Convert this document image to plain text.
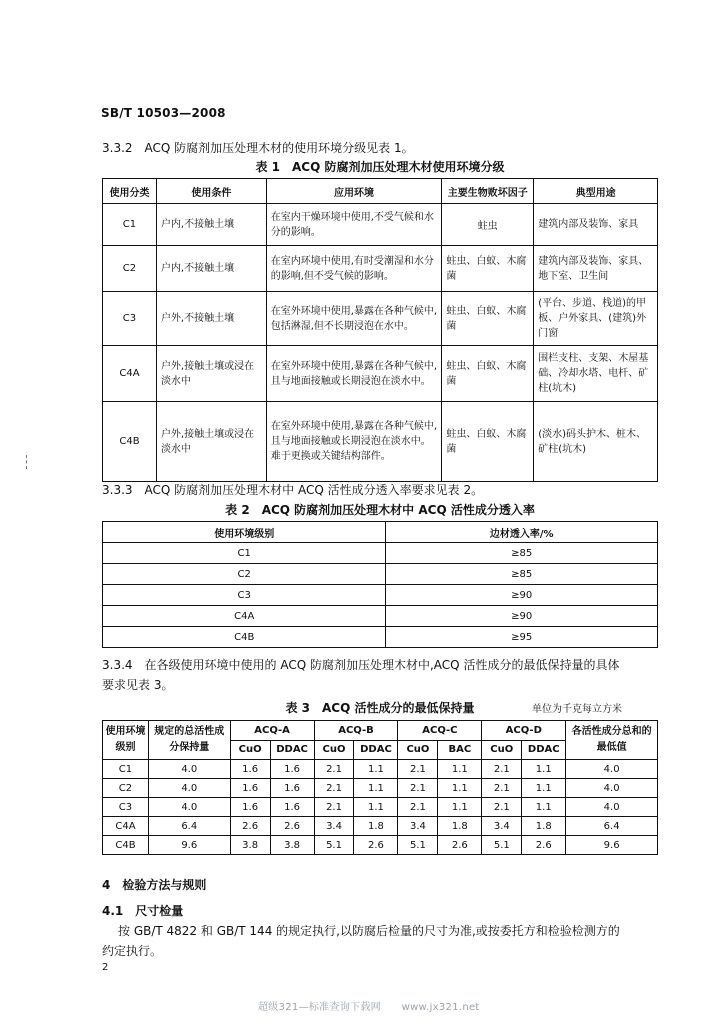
SB/T 10503—2008
3.3.2　ACQ 防腐剂加压处理木材的使用环境分级见表 1。
表 1　ACQ 防腐剂加压处理木材使用环境分级
使用分类	使用条件	应用环境	主要生物败坏因子	典型用途
C1	户内,不接触土壤	在室内干燥环境中使用,不受气候和水分的影响。	蛀虫	建筑内部及装饰、家具
C2	户内,不接触土壤	在室内环境中使用,有时受潮湿和水分的影响,但不受气候的影响。	蛀虫、白蚁、木腐菌	建筑内部及装饰、家具、地下室、卫生间
C3	户外,不接触土壤	在室外环境中使用,暴露在各种气候中,包括淋湿,但不长期浸泡在水中。	蛀虫、白蚁、木腐菌	(平台、步道、栈道)的甲板、户外家具、(建筑)外门窗
C4A	户外,接触土壤或浸在淡水中	在室外环境中使用,暴露在各种气候中,且与地面接触或长期浸泡在淡水中。	蛀虫、白蚁、木腐菌	围栏支柱、支架、木屋基础、冷却水塔、电杆、矿柱(坑木)
C4B	户外,接触土壤或浸在淡水中	在室外环境中使用,暴露在各种气候中,且与地面接触或长期浸泡在淡水中。难于更换或关键结构部件。	蛀虫、白蚁、木腐菌	(淡水)码头护木、桩木、矿柱(坑木)
3.3.3　ACQ 防腐剂加压处理木材中 ACQ 活性成分透入率要求见表 2。
表 2　ACQ 防腐剂加压处理木材中 ACQ 活性成分透入率
使用环境级别	边材透入率/%
C1	≥85
C2	≥85
C3	≥90
C4A	≥90
C4B	≥95
3.3.4　在各级使用环境中使用的 ACQ 防腐剂加压处理木材中,ACQ 活性成分的最低保持量的具体
要求见表 3。
表 3　ACQ 活性成分的最低保持量	单位为千克每立方米
使用环境级别	规定的总活性成分保持量	ACQ-A		ACQ-B		ACQ-C		ACQ-D		各活性成分总和的最低值
		CuO	DDAC	CuO	DDAC	CuO	BAC	CuO	DDAC	
C1	4.0	1.6	1.6	2.1	1.1	2.1	1.1	2.1	1.1	4.0
C2	4.0	1.6	1.6	2.1	1.1	2.1	1.1	2.1	1.1	4.0
C3	4.0	1.6	1.6	2.1	1.1	2.1	1.1	2.1	1.1	4.0
C4A	6.4	2.6	2.6	3.4	1.8	3.4	1.8	3.4	1.8	6.4
C4B	9.6	3.8	3.8	5.1	2.6	5.1	2.6	5.1	2.6	9.6
4　检验方法与规则
4.1　尺寸检量
按 GB/T 4822 和 GB/T 144 的规定执行,以防腐后检量的尺寸为准,或按委托方和检验检测方的
约定执行。
2
超级321—标准查询下载网　　www.jx321.net
